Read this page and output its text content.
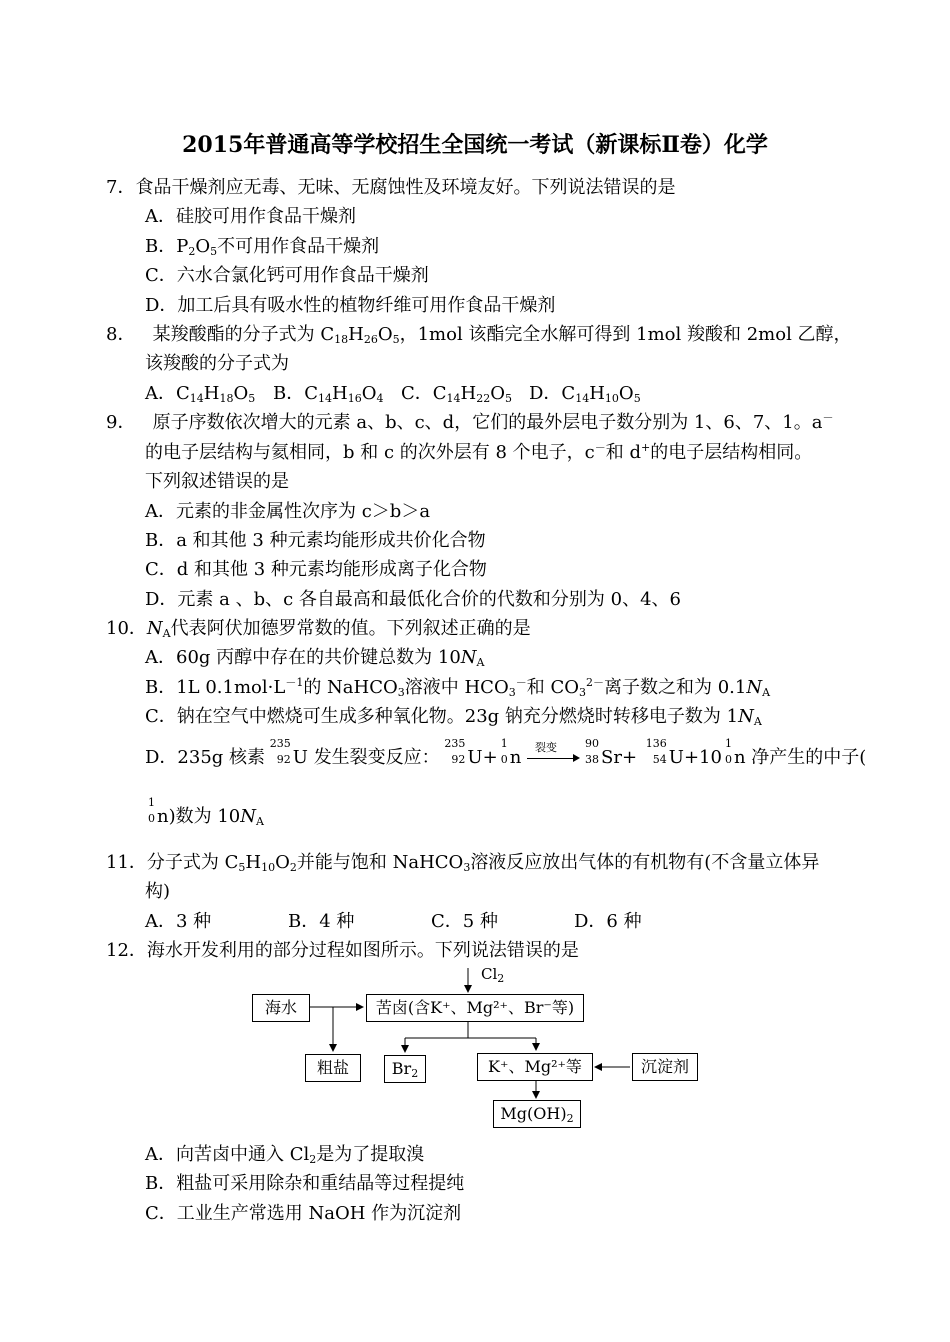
2015年普通高等学校招生全国统一考试（新课标Ⅱ卷）化学
7．食品干燥剂应无毒、无味、无腐蚀性及环境友好。下列说法错误的是
A．硅胶可用作食品干燥剂
B．$P_2O_5$不可用作食品干燥剂
C．六水合氯化钙可用作食品干燥剂
D．加工后具有吸水性的植物纤维可用作食品干燥剂
8． 某羧酸酯的分子式为 $C_{18}H_{26}O_5$，1mol 该酯完全水解可得到 1mol 羧酸和 2mol 乙醇，
该羧酸的分子式为
A．$C_{14}H_{18}O_5$ B．$C_{14}H_{16}O_4$ C．$C_{14}H_{22}O_5$ D．$C_{14}H_{10}O_5$
9． 原子序数依次增大的元素 a、b、c、d，它们的最外层电子数分别为 1、6、7、1。a－
的电子层结构与氦相同，b 和 c 的次外层有 8 个电子，c－和 d+的电子层结构相同。
下列叙述错误的是
A．元素的非金属性次序为 c＞b＞a
B．a 和其他 3 种元素均能形成共价化合物
C．d 和其他 3 种元素均能形成离子化合物
D．元素 a 、b、c 各自最高和最低化合价的代数和分别为 0、4、6
10．$N_A$代表阿伏加德罗常数的值。下列叙述正确的是
A．60g 丙醇中存在的共价键总数为 $10N_A$
B．1L $0.1mol\cdot L^{-1}$的 NaHCO$_3$溶液中 $HCO_3^-$和 $CO_3^{2-}$离子数之和为 $0.1N_A$
C．钠在空气中燃烧可生成多种氧化物。23g 钠充分燃烧时转移电子数为 $1N_A$
D．235g 核素
235
92 U 发生裂变反应：
235
92 U+
1
0 n 裂变	90
38 Sr+
136
54 U+10
1
0 n 净产生的中子(
1
0 n)数为 $10N_A$
11．分子式为 $C_5H_{10}O_2$并能与饱和 NaHCO$_3$溶液反应放出气体的有机物有(不含量立体异
构)
A．3 种	B．4 种	C．5 种	D．6 种
12．海水开发利用的部分过程如图所示。下列说法错误的是
$Cl_2$
海水	苦卤(含K⁺、Mg²⁺、Br⁻等)
粗盐	$Br_2$	K⁺、Mg²⁺等	沉淀剂
$Mg(OH)_2$
A．向苦卤中通入 $Cl_2$是为了提取溴
B．粗盐可采用除杂和重结晶等过程提纯
C．工业生产常选用 NaOH 作为沉淀剂
